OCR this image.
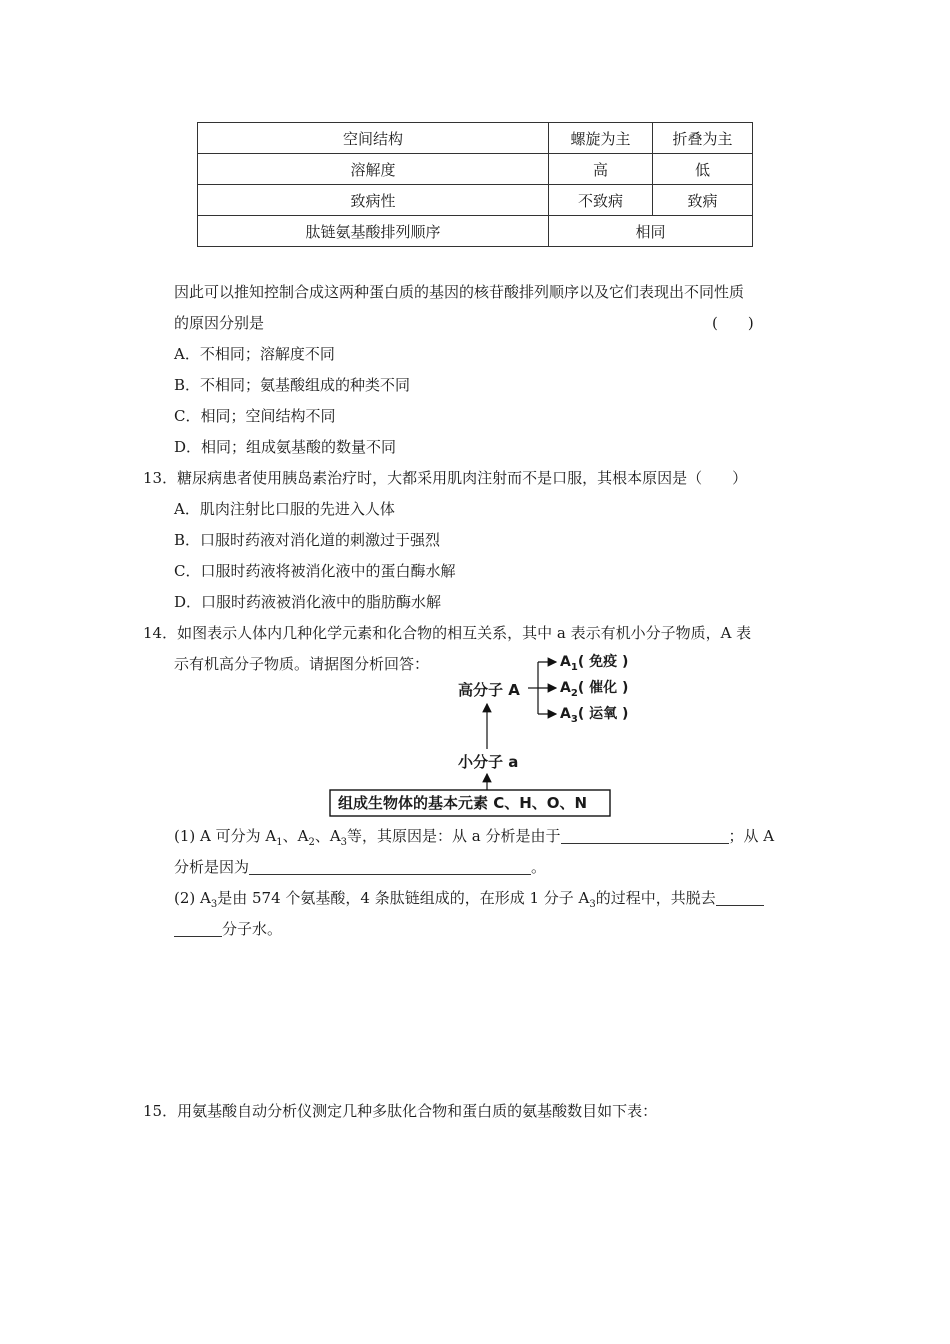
空间结构	螺旋为主	折叠为主
溶解度	高	低
致病性	不致病	致病
肽链氨基酸排列顺序	相同	
因此可以推知控制合成这两种蛋白质的基因的核苷酸排列顺序以及它们表现出不同性质
的原因分别是	(　　)
A．不相同；溶解度不同
B．不相同；氨基酸组成的种类不同
C．相同；空间结构不同
D．相同；组成氨基酸的数量不同
13．糖尿病患者使用胰岛素治疗时，大都采用肌肉注射而不是口服，其根本原因是（　　）
A．肌肉注射比口服的先进入人体
B．口服时药液对消化道的刺激过于强烈
C．口服时药液将被消化液中的蛋白酶水解
D．口服时药液被消化液中的脂肪酶水解
14．如图表示人体内几种化学元素和化合物的相互关系，其中 a 表示有机小分子物质，A 表
示有机高分子物质。请据图分析回答：
高分子 A
$A_1$( 免疫 )
$A_2$( 催化 )
$A_3$( 运氧 )
小分子 a
组成生物体的基本元素 C、H、O、N
(1) A 可分为 $A_1$、$A_2$、$A_3$等，其原因是：从 a 分析是由于	；从 A
分析是因为	。
(2) $A_3$是由 574 个氨基酸，4 条肽链组成的，在形成 1 分子 $A_3$的过程中，共脱去
分子水。
15．用氨基酸自动分析仪测定几种多肽化合物和蛋白质的氨基酸数目如下表：
